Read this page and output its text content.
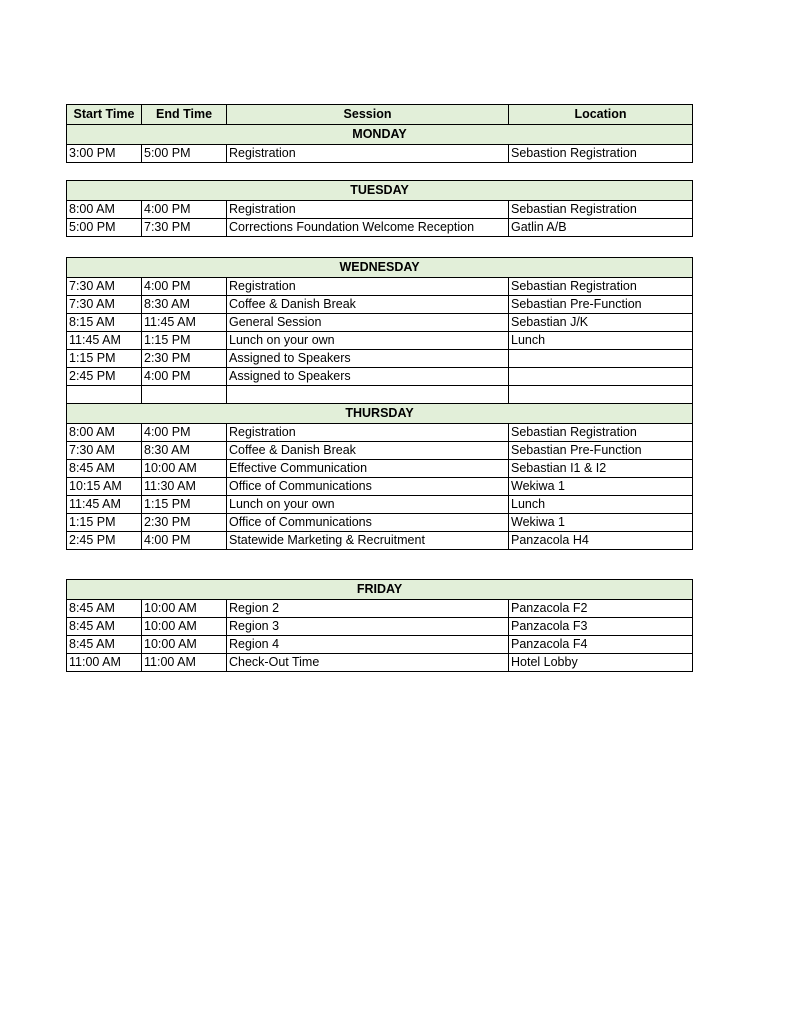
Start Time	End Time	Session	Location
MONDAY			
3:00 PM	5:00 PM	Registration	Sebastion Registration
TUESDAY			
8:00 AM	4:00 PM	Registration	Sebastian Registration
5:00 PM	7:30 PM	Corrections Foundation Welcome Reception	Gatlin A/B
WEDNESDAY			
7:30 AM	4:00 PM	Registration	Sebastian Registration
7:30 AM	8:30 AM	Coffee & Danish Break	Sebastian Pre-Function
8:15 AM	11:45 AM	General Session	Sebastian J/K
11:45 AM	1:15 PM	Lunch on your own	Lunch
1:15 PM	2:30 PM	Assigned to Speakers	
2:45 PM	4:00 PM	Assigned to Speakers	

THURSDAY			
8:00 AM	4:00 PM	Registration	Sebastian Registration
7:30 AM	8:30 AM	Coffee & Danish Break	Sebastian Pre-Function
8:45 AM	10:00 AM	Effective Communication	Sebastian I1 & I2
10:15 AM	11:30 AM	Office of Communications	Wekiwa 1
11:45 AM	1:15 PM	Lunch on your own	Lunch
1:15 PM	2:30 PM	Office of Communications	Wekiwa 1
2:45 PM	4:00 PM	Statewide Marketing & Recruitment	Panzacola H4
FRIDAY			
8:45 AM	10:00 AM	Region 2	Panzacola F2
8:45 AM	10:00 AM	Region 3	Panzacola F3
8:45 AM	10:00 AM	Region 4	Panzacola F4
11:00 AM	11:00 AM	Check-Out Time	Hotel Lobby
